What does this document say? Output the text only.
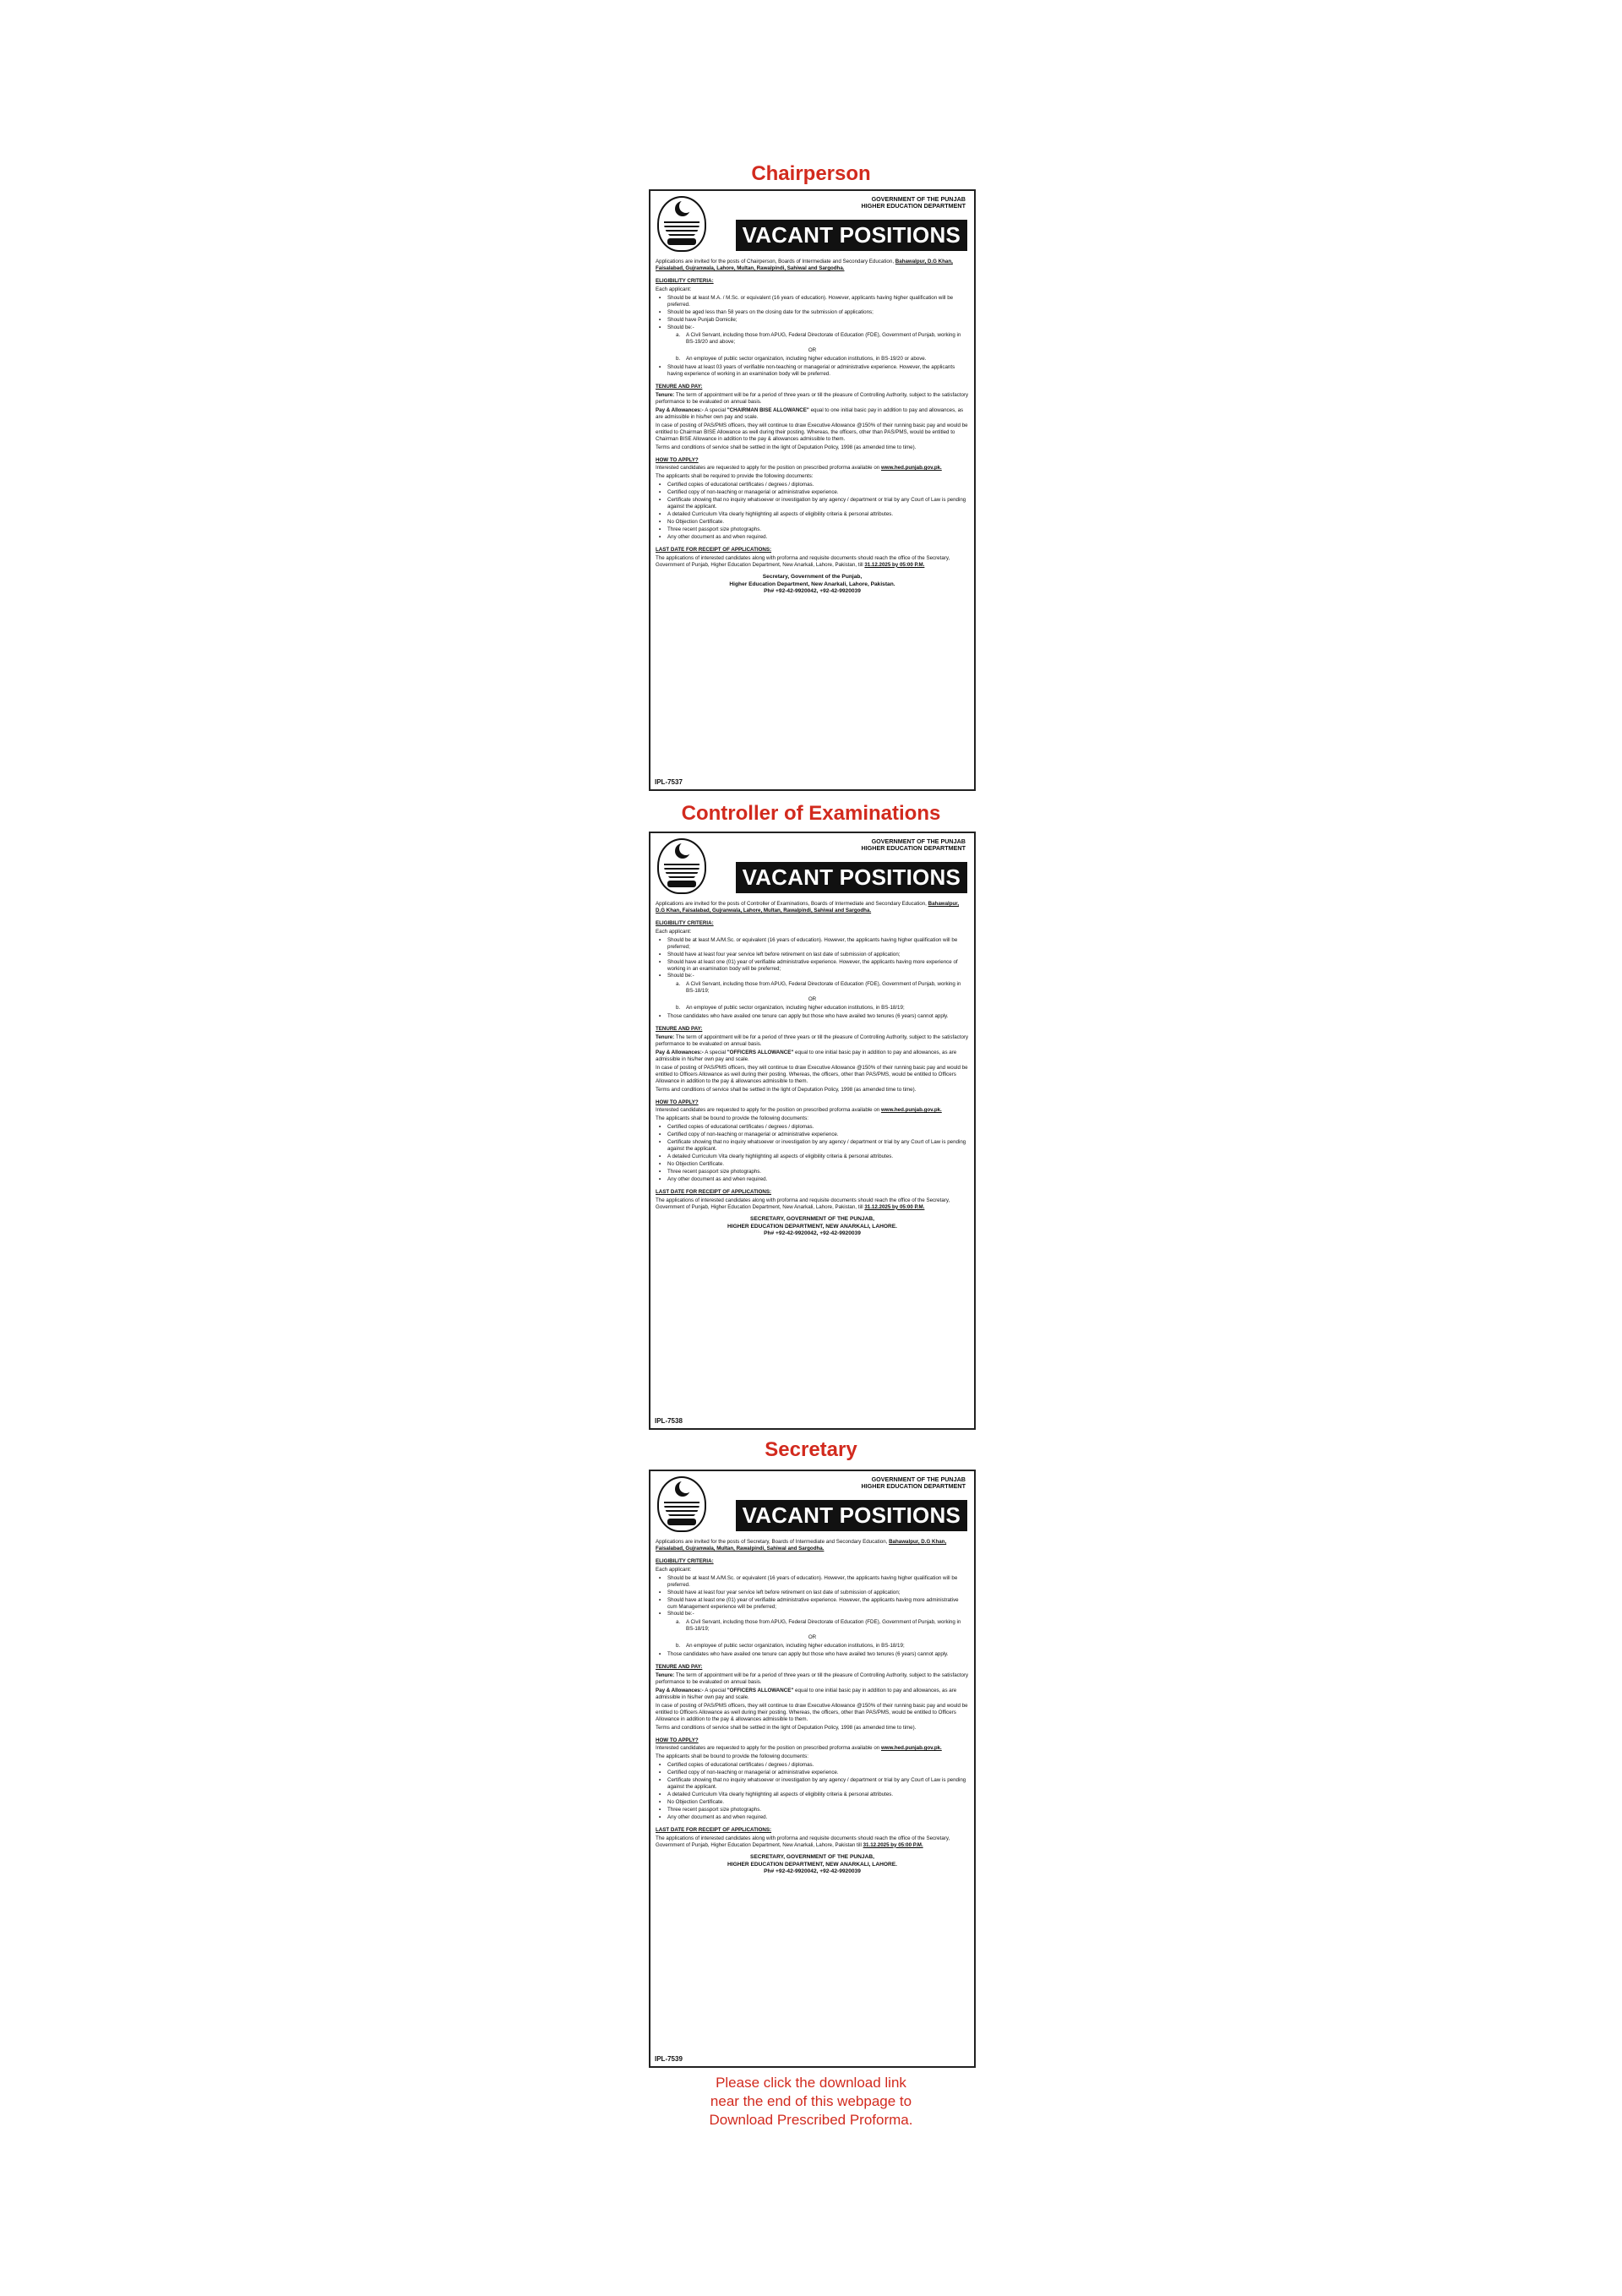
Chairperson
Controller of Examinations
Secretary
GOVERNMENT OF THE PUNJAB
HIGHER EDUCATION DEPARTMENT
VACANT POSITIONS

Applications are invited for the posts of Chairperson, Boards of Intermediate and Secondary Education, Bahawalpur, D.G Khan, Faisalabad, Gujranwala, Lahore, Multan, Rawalpindi, Sahiwal and Sargodha.

ELIGIBILITY CRITERIA:

Each applicant:

• Should be at least M.A. / M.Sc. or equivalent (16 years of education). However, applicants having higher qualification will be preferred.
• Should be aged less than 58 years on the closing date for the submission of applications;
• Should have Punjab Domicile;
• Should be:-
a. A Civil Servant, including those from APUG, Federal Directorate of Education (FDE), Government of Punjab, working in BS-19/20 and above;
OR
b. An employee of public sector organization, including higher education institutions, in BS-19/20 or above.
• Should have at least 03 years of verifiable non-teaching or managerial or administrative experience. However, the applicants having experience of working in an examination body will be preferred.
TENURE AND PAY:

Tenure: The term of appointment will be for a period of three years or till the pleasure of Controlling Authority, subject to the satisfactory performance to be evaluated on annual basis.

Pay & Allowances:- A special "CHAIRMAN BISE ALLOWANCE" equal to one initial basic pay in addition to pay and allowances, as are admissible in his/her own pay and scale.

In case of posting of PAS/PMS officers, they will continue to draw Executive Allowance @150% of their running basic pay and would be entitled to Chairman BISE Allowance as well during their posting. Whereas, the officers, other than PAS/PMS, would be entitled to Chairman BISE Allowance in addition to the pay & allowances admissible to them.

Terms and conditions of service shall be settled in the light of Deputation Policy, 1998 (as amended time to time).

HOW TO APPLY?

Interested candidates are requested to apply for the position on prescribed proforma available on www.hed.punjab.gov.pk.

The applicants shall be required to provide the following documents:

• Certified copies of educational certificates / degrees / diplomas.
• Certified copy of non-teaching or managerial or administrative experience.
• Certificate showing that no inquiry whatsoever or investigation by any agency / department or trial by any Court of Law is pending against the applicant.
• A detailed Curriculum Vita clearly highlighting all aspects of eligibility criteria & personal attributes.
• No Objection Certificate.
• Three recent passport size photographs.
• Any other document as and when required.
LAST DATE FOR RECEIPT OF APPLICATIONS:

The applications of interested candidates along with proforma and requisite documents should reach the office of the Secretary, Government of Punjab, Higher Education Department, New Anarkali, Lahore, Pakistan, till 31.12.2025 by 05:00 P.M.

Secretary, Government of the Punjab,
Higher Education Department, New Anarkali, Lahore, Pakistan.
Ph# +92-42-9920042, +92-42-9920039
IPL-7537
GOVERNMENT OF THE PUNJAB
HIGHER EDUCATION DEPARTMENT
VACANT POSITIONS

Applications are invited for the posts of Controller of Examinations, Boards of Intermediate and Secondary Education, Bahawalpur, D.G Khan, Faisalabad, Gujranwala, Lahore, Multan, Rawalpindi, Sahiwal and Sargodha.

ELIGIBILITY CRITERIA:

Each applicant:

• Should be at least M.A/M.Sc. or equivalent (16 years of education). However, the applicants having higher qualification will be preferred;
• Should have at least four year service left before retirement on last date of submission of application;
• Should have at least one (01) year of verifiable administrative experience. However, the applicants having more experience of working in an examination body will be preferred;
• Should be:-
a. A Civil Servant, including those from APUG, Federal Directorate of Education (FDE), Government of Punjab, working in BS-18/19;
OR
b. An employee of public sector organization, including higher education institutions, in BS-18/19;
• Those candidates who have availed one tenure can apply but those who have availed two tenures (6 years) cannot apply.
TENURE AND PAY:

Tenure: The term of appointment will be for a period of three years or till the pleasure of Controlling Authority, subject to the satisfactory performance to be evaluated on annual basis.

Pay & Allowances:- A special "OFFICERS ALLOWANCE" equal to one initial basic pay in addition to pay and allowances, as are admissible in his/her own pay and scale.

In case of posting of PAS/PMS officers, they will continue to draw Executive Allowance @150% of their running basic pay and would be entitled to Officers Allowance as well during their posting. Whereas, the officers, other than PAS/PMS, would be entitled to Officers Allowance in addition to the pay & allowances admissible to them.

Terms and conditions of service shall be settled in the light of Deputation Policy, 1998 (as amended time to time).

HOW TO APPLY?

Interested candidates are requested to apply for the position on prescribed proforma available on www.hed.punjab.gov.pk.

The applicants shall be bound to provide the following documents:

• Certified copies of educational certificates / degrees / diplomas.
• Certified copy of non-teaching or managerial or administrative experience.
• Certificate showing that no inquiry whatsoever or investigation by any agency / department or trial by any Court of Law is pending against the applicant.
• A detailed Curriculum Vita clearly highlighting all aspects of eligibility criteria & personal attributes.
• No Objection Certificate.
• Three recent passport size photographs.
• Any other document as and when required.
LAST DATE FOR RECEIPT OF APPLICATIONS:

The applications of interested candidates along with proforma and requisite documents should reach the office of the Secretary, Government of Punjab, Higher Education Department, New Anarkali, Lahore, Pakistan, till 31.12.2025 by 05:00 P.M.

SECRETARY, GOVERNMENT OF THE PUNJAB,
HIGHER EDUCATION DEPARTMENT, NEW ANARKALI, LAHORE.
Ph# +92-42-9920042, +92-42-9920039
IPL-7538
GOVERNMENT OF THE PUNJAB
HIGHER EDUCATION DEPARTMENT
VACANT POSITIONS

Applications are invited for the posts of Secretary, Boards of Intermediate and Secondary Education, Bahawalpur, D.G Khan, Faisalabad, Gujranwala, Multan, Rawalpindi, Sahiwal and Sargodha.

ELIGIBILITY CRITERIA:

Each applicant:

• Should be at least M.A/M.Sc. or equivalent (16 years of education). However, the applicants having higher qualification will be preferred.
• Should have at least four year service left before retirement on last date of submission of application;
• Should have at least one (01) year of verifiable administrative experience. However, the applicants having more administrative cum Management experience will be preferred;
• Should be:-
a. A Civil Servant, including those from APUG, Federal Directorate of Education (FDE), Government of Punjab, working in BS-18/19;
OR
b. An employee of public sector organization, including higher education institutions, in BS-18/19;
• Those candidates who have availed one tenure can apply but those who have availed two tenures (6 years) cannot apply.
TENURE AND PAY:

Tenure: The term of appointment will be for a period of three years or till the pleasure of Controlling Authority, subject to the satisfactory performance to be evaluated on annual basis.

Pay & Allowances:- A special "OFFICERS ALLOWANCE" equal to one initial basic pay in addition to pay and allowances, as are admissible in his/her own pay and scale.

In case of posting of PAS/PMS officers, they will continue to draw Executive Allowance @150% of their running basic pay and would be entitled to Officers Allowance as well during their posting. Whereas, the officers, other than PAS/PMS, would be entitled to Officers Allowance in addition to the pay & allowances admissible to them.

Terms and conditions of service shall be settled in the light of Deputation Policy, 1998 (as amended time to time).

HOW TO APPLY?

Interested candidates are requested to apply for the position on prescribed proforma available on www.hed.punjab.gov.pk.

The applicants shall be bound to provide the following documents:

• Certified copies of educational certificates / degrees / diplomas.
• Certified copy of non-teaching or managerial or administrative experience.
• Certificate showing that no inquiry whatsoever or investigation by any agency / department or trial by any Court of Law is pending against the applicant.
• A detailed Curriculum Vita clearly highlighting all aspects of eligibility criteria & personal attributes.
• No Objection Certificate.
• Three recent passport size photographs.
• Any other document as and when required.
LAST DATE FOR RECEIPT OF APPLICATIONS:

The applications of interested candidates along with proforma and requisite documents should reach the office of the Secretary, Government of Punjab, Higher Education Department, New Anarkali, Lahore, Pakistan till 31.12.2025 by 05:00 P.M.

SECRETARY, GOVERNMENT OF THE PUNJAB,
HIGHER EDUCATION DEPARTMENT, NEW ANARKALI, LAHORE.
Ph# +92-42-9920042, +92-42-9920039
IPL-7539
Please click the download link
near the end of this webpage to
Download Prescribed Proforma.
